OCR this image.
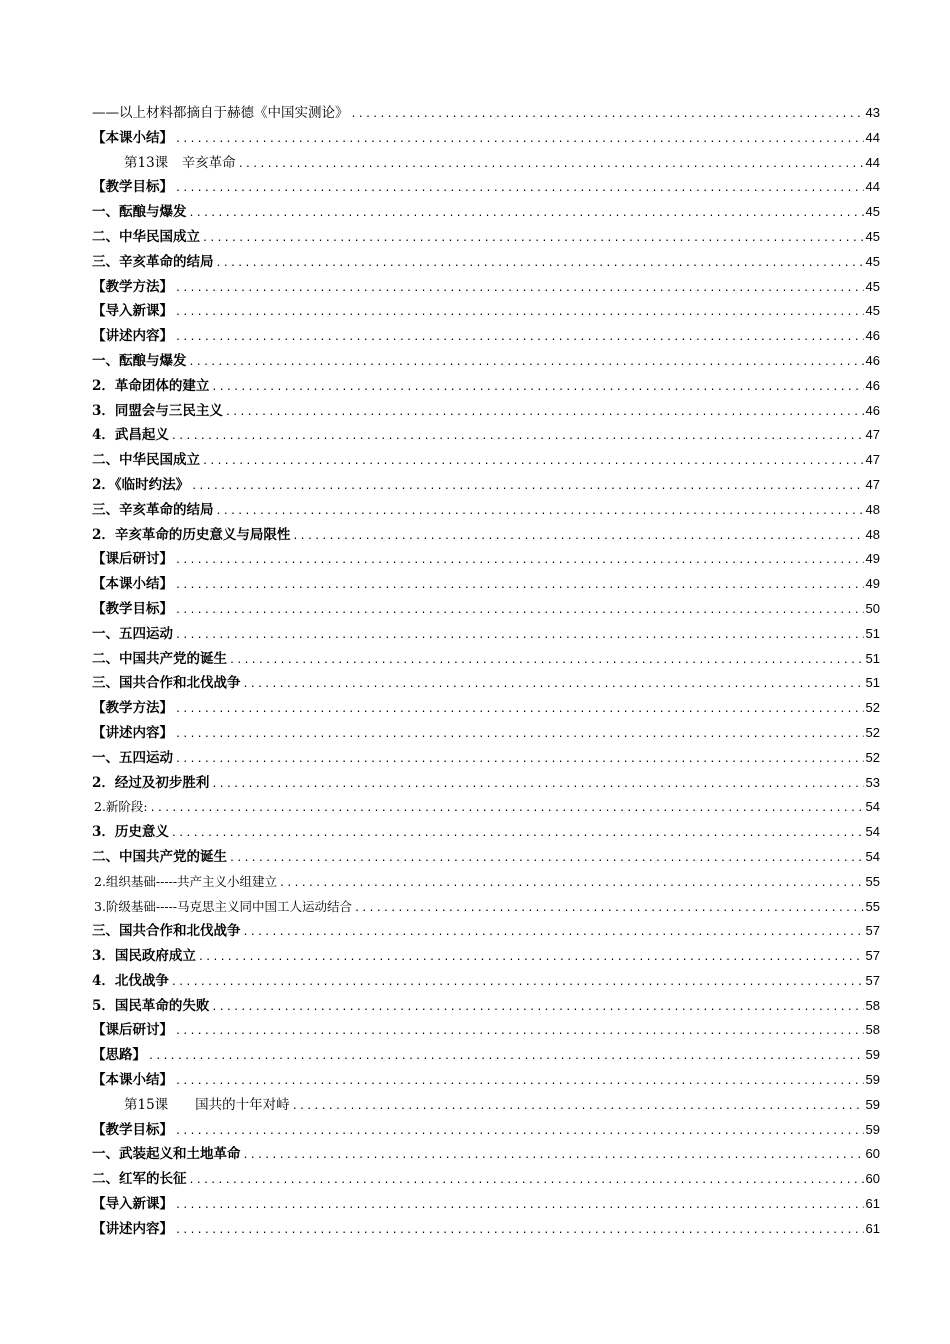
——以上材料都摘自于赫德《中国实测论》 .....	43
【本课小结】 .....	44
第13课　辛亥革命 .....	44
【教学目标】 .....	44
一、酝酿与爆发 .....	45
二、中华民国成立 .....	45
三、辛亥革命的结局 .....	45
【教学方法】 .....	45
【导入新课】 .....	45
【讲述内容】 .....	46
一、酝酿与爆发 .....	46
2．革命团体的建立 .....	46
3．同盟会与三民主义 .....	46
4．武昌起义 .....	47
二、中华民国成立 .....	47
2．《临时约法》 .....	47
三、辛亥革命的结局 .....	48
2．辛亥革命的历史意义与局限性 .....	48
【课后研讨】 .....	49
【本课小结】 .....	49
【教学目标】 .....	50
一、五四运动 .....	51
二、中国共产党的诞生 .....	51
三、国共合作和北伐战争 .....	51
【教学方法】 .....	52
【讲述内容】 .....	52
一、五四运动 .....	52
2．经过及初步胜利 .....	53
2.新阶段: .....	54
3．历史意义 .....	54
二、中国共产党的诞生 .....	54
2.组织基础-----共产主义小组建立 .....	55
3.阶级基础-----马克思主义同中国工人运动结合 .....	55
三、国共合作和北伐战争 .....	57
3．国民政府成立 .....	57
4．北伐战争 .....	57
5．国民革命的失败 .....	58
【课后研讨】 .....	58
【思路】 .....	59
【本课小结】 .....	59
第15课　　国共的十年对峙 .....	59
【教学目标】 .....	59
一、武装起义和土地革命 .....	60
二、红军的长征 .....	60
【导入新课】 .....	61
【讲述内容】 .....	61
